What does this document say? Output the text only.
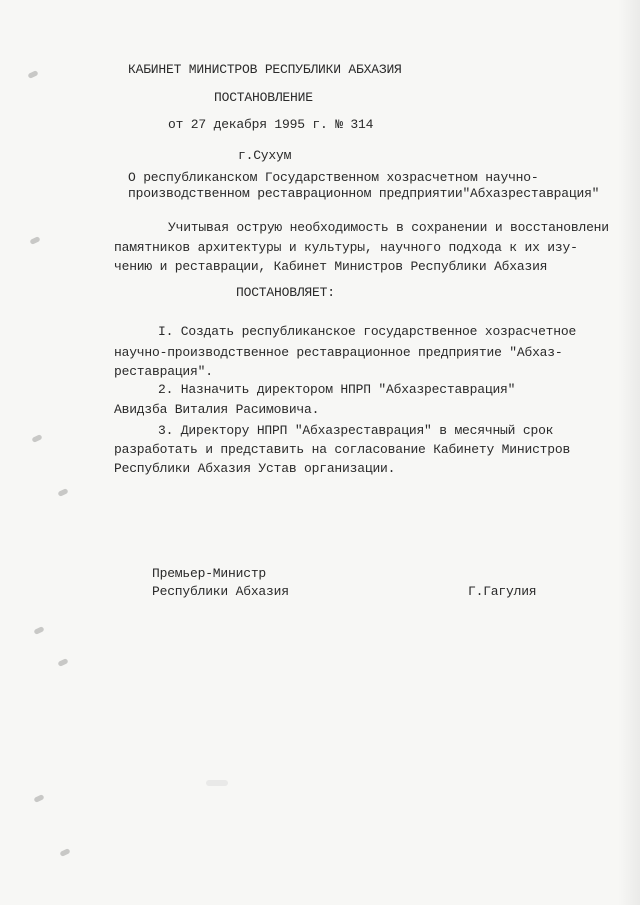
КАБИНЕТ МИНИСТРОВ РЕСПУБЛИКИ АБХАЗИЯ
ПОСТАНОВЛЕНИЕ
от 27 декабря 1995 г. № 314
г.Сухум
О республиканском Государственном хозрасчетном научно-
производственном реставрационном предприятии"Абхазреставрация"
Учитывая острую необходимость в сохранении и восстановлени
памятников архитектуры и культуры, научного подхода к их изу-
чению и реставрации, Кабинет Министров Республики Абхазия
ПОСТАНОВЛЯЕТ:
I. Создать республиканское государственное хозрасчетное
научно-производственное реставрационное предприятие "Абхаз-
реставрация".
2. Назначить директором НПРП "Абхазреставрация"
Авидзба Виталия Расимовича.
3. Директору НПРП "Абхазреставрация" в месячный срок
разработать и представить на согласование Кабинету Министров
Республики Абхазия Устав организации.
Премьер-Министр
Республики Абхазия	Г.Гагулия
